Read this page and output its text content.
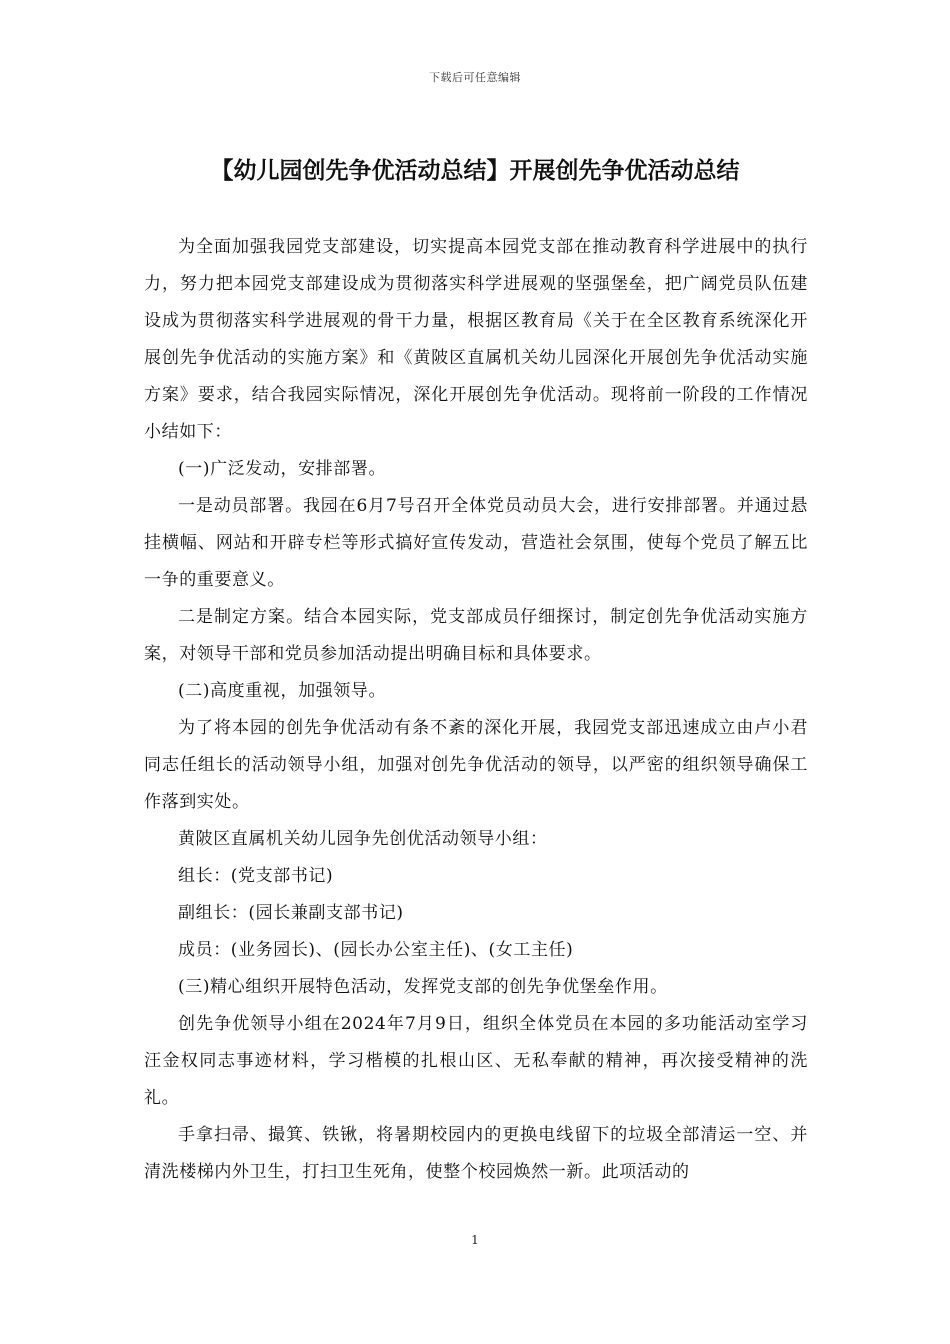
下载后可任意编辑
【幼儿园创先争优活动总结】开展创先争优活动总结

为全面加强我园党支部建设，切实提高本园党支部在推动教育科学进展中的执行力，努力把本园党支部建设成为贯彻落实科学进展观的坚强堡垒，把广阔党员队伍建设成为贯彻落实科学进展观的骨干力量，根据区教育局《关于在全区教育系统深化开展创先争优活动的实施方案》和《黄陂区直属机关幼儿园深化开展创先争优活动实施方案》要求，结合我园实际情况，深化开展创先争优活动。现将前一阶段的工作情况小结如下：

(一)广泛发动，安排部署。

一是动员部署。我园在6月7号召开全体党员动员大会，进行安排部署。并通过悬挂横幅、网站和开辟专栏等形式搞好宣传发动，营造社会氛围，使每个党员了解五比一争的重要意义。

二是制定方案。结合本园实际，党支部成员仔细探讨，制定创先争优活动实施方案，对领导干部和党员参加活动提出明确目标和具体要求。

(二)高度重视，加强领导。

为了将本园的创先争优活动有条不紊的深化开展，我园党支部迅速成立由卢小君同志任组长的活动领导小组，加强对创先争优活动的领导，以严密的组织领导确保工作落到实处。

黄陂区直属机关幼儿园争先创优活动领导小组：

组长：(党支部书记)

副组长：(园长兼副支部书记)

成员：(业务园长)、(园长办公室主任)、(女工主任)

(三)精心组织开展特色活动，发挥党支部的创先争优堡垒作用。

创先争优领导小组在2024年7月9日，组织全体党员在本园的多功能活动室学习汪金权同志事迹材料，学习楷模的扎根山区、无私奉献的精神，再次接受精神的洗礼。

手拿扫帚、撮箕、铁锹，将暑期校园内的更换电线留下的垃圾全部清运一空、并清洗楼梯内外卫生，打扫卫生死角，使整个校园焕然一新。此项活动的

1
